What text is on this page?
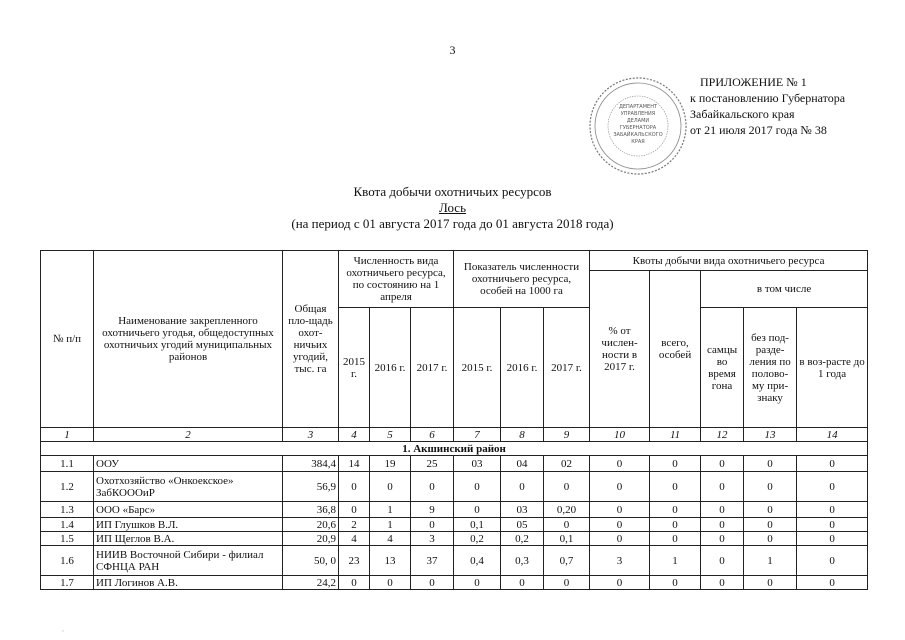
3
ДЕПАРТАМЕНТ
УПРАВЛЕНИЯ
ДЕЛАМИ
ГУБЕРНАТОРА
ЗАБАЙКАЛЬСКОГО
КРАЯ
ПРИЛОЖЕНИЕ № 1
к постановлению Губернатора
Забайкальского края
от 21 июля 2017 года № 38
Квота добычи охотничьих ресурсов
Лось
(на период с 01 августа 2017 года до 01 августа 2018 года)
№ п/п	Наименование закрепленного охотничьего угодья, общедоступных охотничьих угодий муниципальных районов	Общая пло-щадь охот-ничьих угодий, тыс. га	Численность вида охотничьего ресурса, по состоянию на 1 апреля			Показатель численности охотничьего ресурса, особей на 1000 га			Квоты добычи вида охотничьего ресурса				
									% от числен-ности в 2017 г.	всего, особей	в том числе		
			2015 г.	2016 г.	2017 г.	2015 г.	2016 г.	2017 г.			самцы во время гона	без под-разде-ления по полово-му при-знаку	в воз-расте до 1 года
1	2	3	4	5	6	7	8	9	10	11	12	13	14
1. Акшинский район													
1.1	ООУ	384,4	14	19	25	03	04	02	0	0	0	0	0
1.2	Охотхозяйство «Онкоекское» ЗабКОООиР	56,9	0	0	0	0	0	0	0	0	0	0	0
1.3	ООО «Барс»	36,8	0	1	9	0	03	0,20	0	0	0	0	0
1.4	ИП Глушков В.Л.	20,6	2	1	0	0,1	05	0	0	0	0	0	0
1.5	ИП Щеглов В.А.	20,9	4	4	3	0,2	0,2	0,1	0	0	0	0	0
1.6	НИИВ Восточной Сибири - филиал СФНЦА РАН	50, 0	23	13	37	0,4	0,3	0,7	3	1	0	1	0
1.7	ИП Логинов А.В.	24,2	0	0	0	0	0	0	0	0	0	0	0
‘
